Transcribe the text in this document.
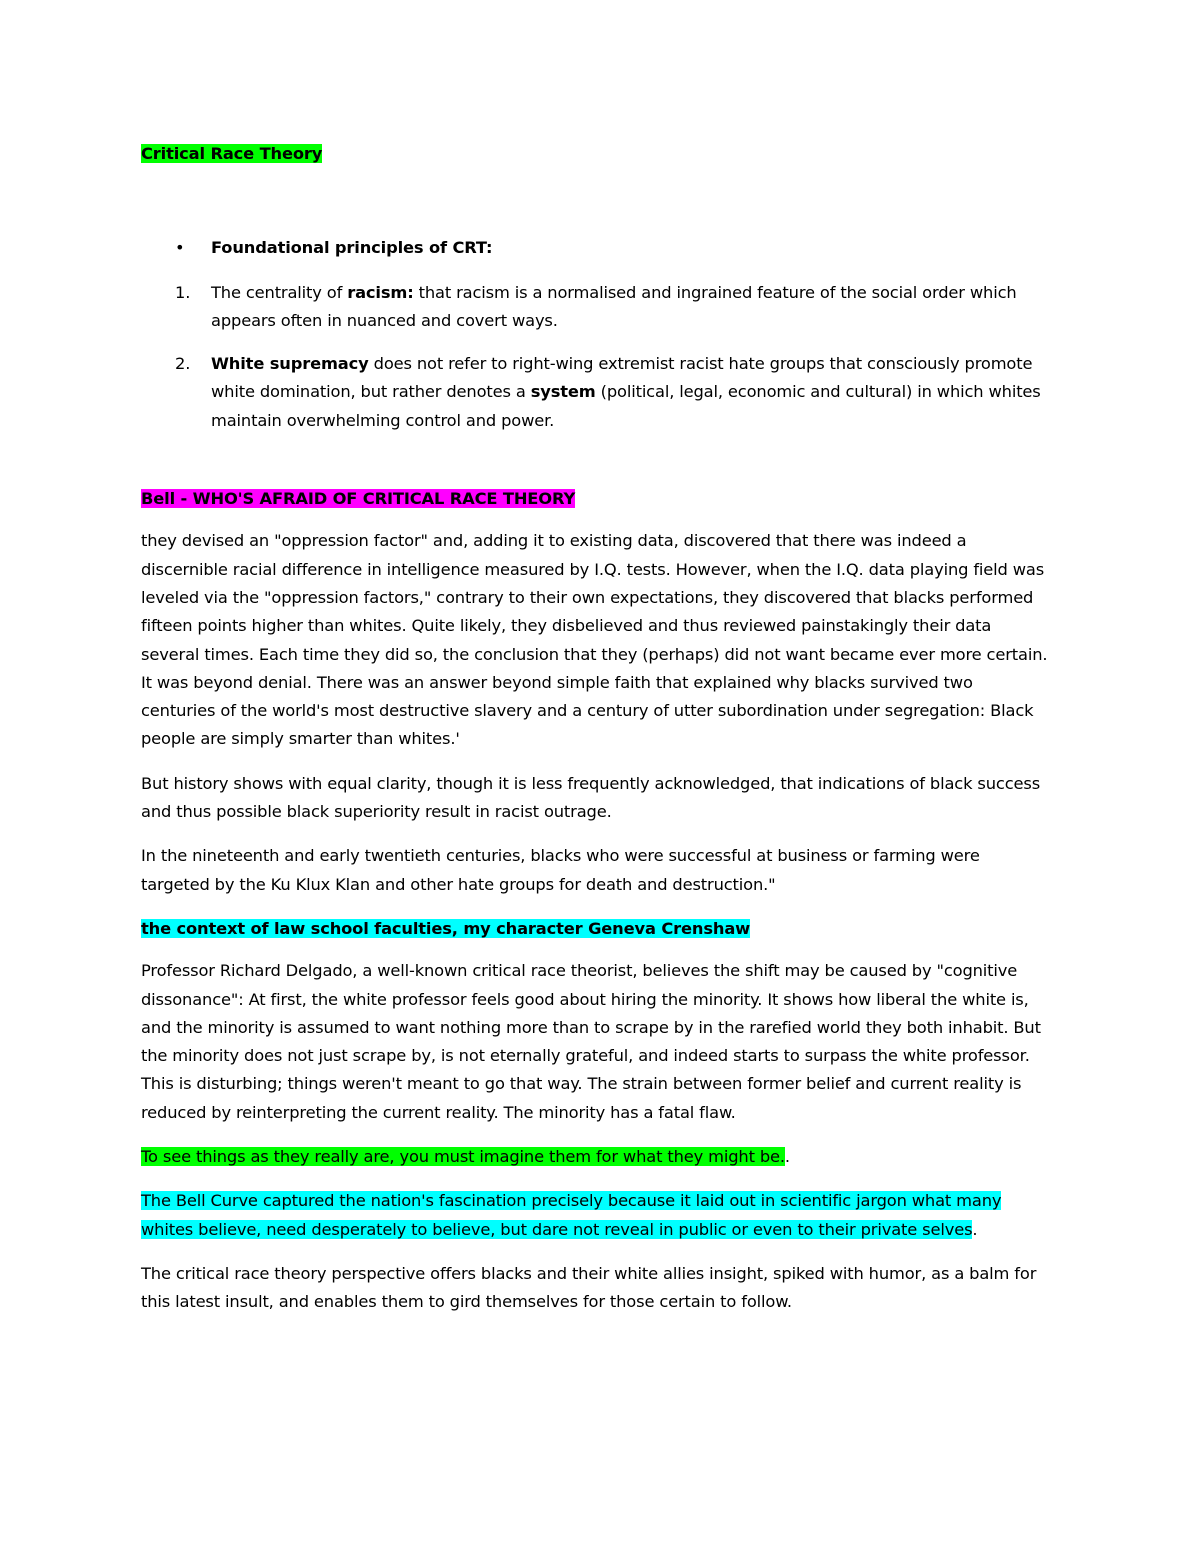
Critical Race Theory

• Foundational principles of CRT:
1. The centrality of racism: that racism is a normalised and ingrained feature of the social order which appears often in nuanced and covert ways.
2. White supremacy does not refer to right-wing extremist racist hate groups that consciously promote white domination, but rather denotes a system (political, legal, economic and cultural) in which whites maintain overwhelming control and power.

Bell - WHO'S AFRAID OF CRITICAL RACE THEORY

they devised an "oppression factor" and, adding it to existing data, discovered that there was indeed a discernible racial difference in intelligence measured by I.Q. tests. However, when the I.Q. data playing field was leveled via the "oppression factors," contrary to their own expectations, they discovered that blacks performed fifteen points higher than whites. Quite likely, they disbelieved and thus reviewed painstakingly their data several times. Each time they did so, the conclusion that they (perhaps) did not want became ever more certain. It was beyond denial. There was an answer beyond simple faith that explained why blacks survived two centuries of the world's most destructive slavery and a century of utter subordination under segregation: Black people are simply smarter than whites.'

But history shows with equal clarity, though it is less frequently acknowledged, that indications of black success and thus possible black superiority result in racist outrage.

In the nineteenth and early twentieth centuries, blacks who were successful at business or farming were targeted by the Ku Klux Klan and other hate groups for death and destruction."

the context of law school faculties, my character Geneva Crenshaw

Professor Richard Delgado, a well-known critical race theorist, believes the shift may be caused by "cognitive dissonance": At first, the white professor feels good about hiring the minority. It shows how liberal the white is, and the minority is assumed to want nothing more than to scrape by in the rarefied world they both inhabit. But the minority does not just scrape by, is not eternally grateful, and indeed starts to surpass the white professor. This is disturbing; things weren't meant to go that way. The strain between former belief and current reality is reduced by reinterpreting the current reality. The minority has a fatal flaw.

To see things as they really are, you must imagine them for what they might be..

The Bell Curve captured the nation's fascination precisely because it laid out in scientific jargon what many whites believe, need desperately to believe, but dare not reveal in public or even to their private selves.

The critical race theory perspective offers blacks and their white allies insight, spiked with humor, as a balm for this latest insult, and enables them to gird themselves for those certain to follow.
